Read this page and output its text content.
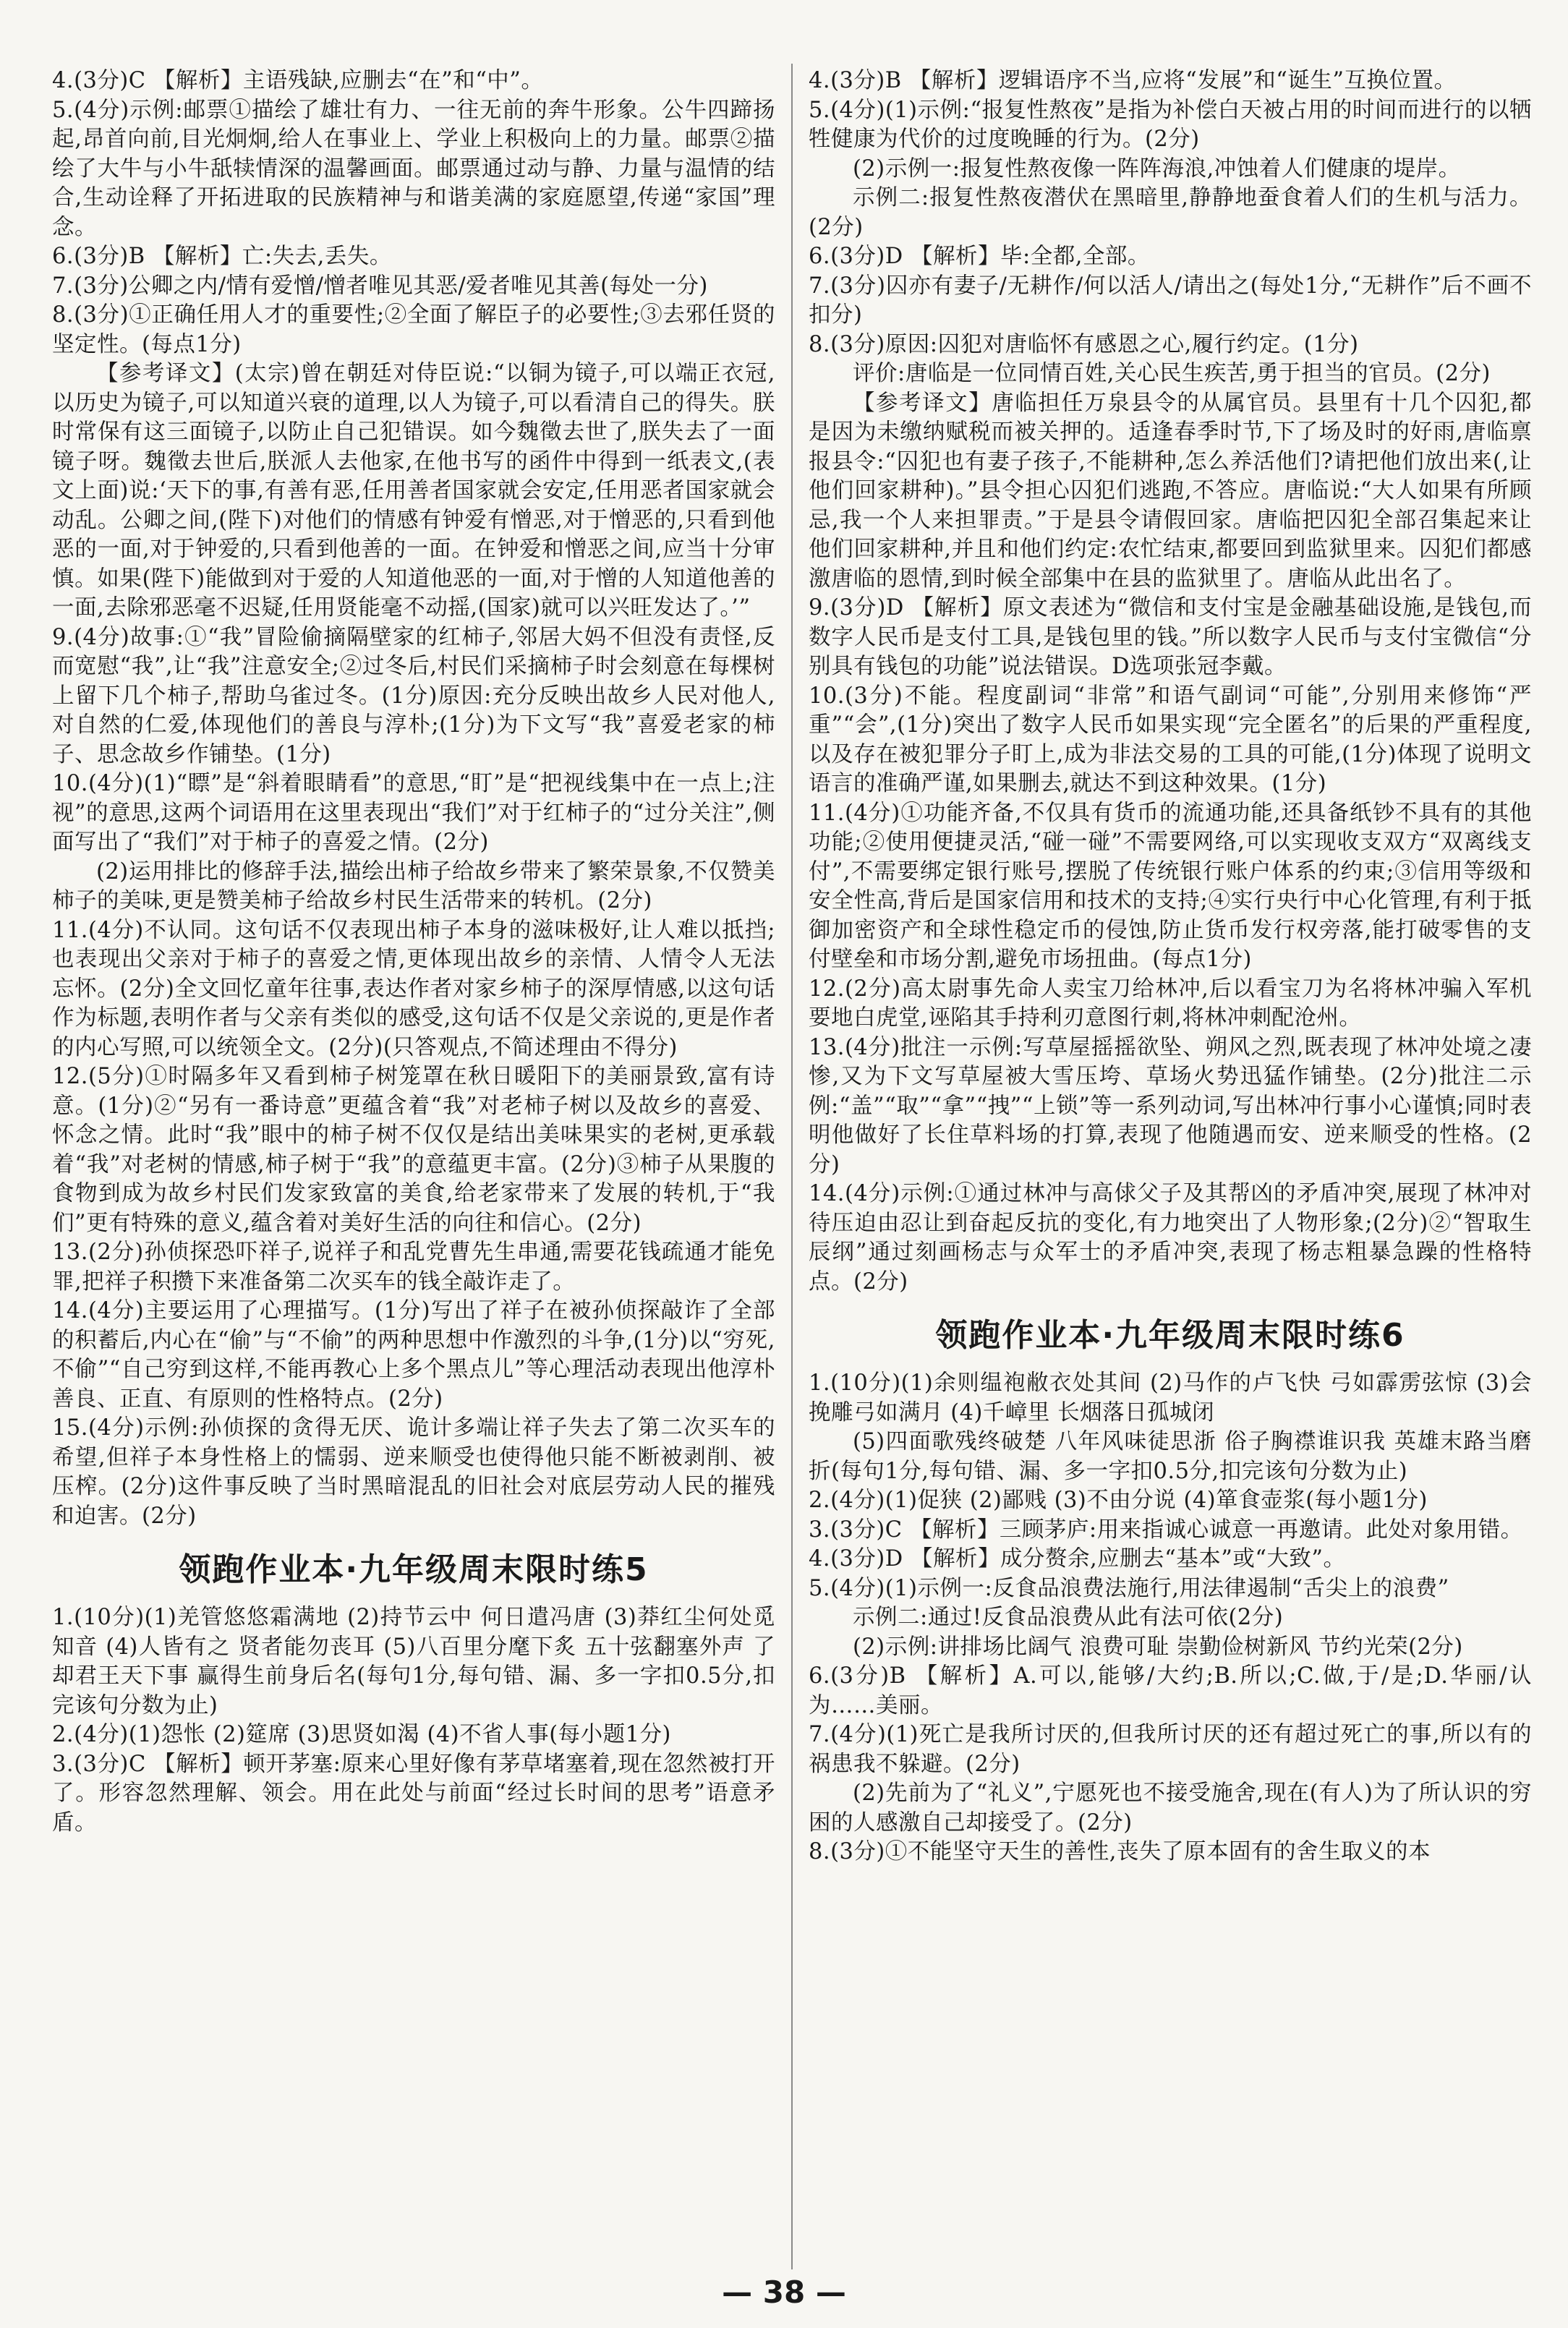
4.(3分)C 【解析】主语残缺,应删去“在”和“中”。
5.(4分)示例:邮票①描绘了雄壮有力、一往无前的奔牛形象。公牛四蹄扬起,昂首向前,目光炯炯,给人在事业上、学业上积极向上的力量。邮票②描绘了大牛与小牛舐犊情深的温馨画面。邮票通过动与静、力量与温情的结合,生动诠释了开拓进取的民族精神与和谐美满的家庭愿望,传递“家国”理念。
6.(3分)B 【解析】亡:失去,丢失。
7.(3分)公卿之内/情有爱憎/憎者唯见其恶/爱者唯见其善(每处一分)
8.(3分)①正确任用人才的重要性;②全面了解臣子的必要性;③去邪任贤的坚定性。(每点1分)
【参考译文】(太宗)曾在朝廷对侍臣说:“以铜为镜子,可以端正衣冠,以历史为镜子,可以知道兴衰的道理,以人为镜子,可以看清自己的得失。朕时常保有这三面镜子,以防止自己犯错误。如今魏徵去世了,朕失去了一面镜子呀。魏徵去世后,朕派人去他家,在他书写的函件中得到一纸表文,(表文上面)说:‘天下的事,有善有恶,任用善者国家就会安定,任用恶者国家就会动乱。公卿之间,(陛下)对他们的情感有钟爱有憎恶,对于憎恶的,只看到他恶的一面,对于钟爱的,只看到他善的一面。在钟爱和憎恶之间,应当十分审慎。如果(陛下)能做到对于爱的人知道他恶的一面,对于憎的人知道他善的一面,去除邪恶毫不迟疑,任用贤能毫不动摇,(国家)就可以兴旺发达了。’”
9.(4分)故事:①“我”冒险偷摘隔壁家的红柿子,邻居大妈不但没有责怪,反而宽慰“我”,让“我”注意安全;②过冬后,村民们采摘柿子时会刻意在每棵树上留下几个柿子,帮助乌雀过冬。(1分)原因:充分反映出故乡人民对他人,对自然的仁爱,体现他们的善良与淳朴;(1分)为下文写“我”喜爱老家的柿子、思念故乡作铺垫。(1分)
10.(4分)(1)“瞟”是“斜着眼睛看”的意思,“盯”是“把视线集中在一点上;注视”的意思,这两个词语用在这里表现出“我们”对于红柿子的“过分关注”,侧面写出了“我们”对于柿子的喜爱之情。(2分)
(2)运用排比的修辞手法,描绘出柿子给故乡带来了繁荣景象,不仅赞美柿子的美味,更是赞美柿子给故乡村民生活带来的转机。(2分)
11.(4分)不认同。这句话不仅表现出柿子本身的滋味极好,让人难以抵挡;也表现出父亲对于柿子的喜爱之情,更体现出故乡的亲情、人情令人无法忘怀。(2分)全文回忆童年往事,表达作者对家乡柿子的深厚情感,以这句话作为标题,表明作者与父亲有类似的感受,这句话不仅是父亲说的,更是作者的内心写照,可以统领全文。(2分)(只答观点,不简述理由不得分)
12.(5分)①时隔多年又看到柿子树笼罩在秋日暖阳下的美丽景致,富有诗意。(1分)②“另有一番诗意”更蕴含着“我”对老柿子树以及故乡的喜爱、怀念之情。此时“我”眼中的柿子树不仅仅是结出美味果实的老树,更承载着“我”对老树的情感,柿子树于“我”的意蕴更丰富。(2分)③柿子从果腹的食物到成为故乡村民们发家致富的美食,给老家带来了发展的转机,于“我们”更有特殊的意义,蕴含着对美好生活的向往和信心。(2分)
13.(2分)孙侦探恐吓祥子,说祥子和乱党曹先生串通,需要花钱疏通才能免罪,把祥子积攒下来准备第二次买车的钱全敲诈走了。
14.(4分)主要运用了心理描写。(1分)写出了祥子在被孙侦探敲诈了全部的积蓄后,内心在“偷”与“不偷”的两种思想中作激烈的斗争,(1分)以“穷死,不偷”“自己穷到这样,不能再教心上多个黑点儿”等心理活动表现出他淳朴善良、正直、有原则的性格特点。(2分)
15.(4分)示例:孙侦探的贪得无厌、诡计多端让祥子失去了第二次买车的希望,但祥子本身性格上的懦弱、逆来顺受也使得他只能不断被剥削、被压榨。(2分)这件事反映了当时黑暗混乱的旧社会对底层劳动人民的摧残和迫害。(2分)
领跑作业本·九年级周末限时练5
1.(10分)(1)羌管悠悠霜满地 (2)持节云中 何日遣冯唐 (3)莽红尘何处觅知音 (4)人皆有之 贤者能勿丧耳 (5)八百里分麾下炙 五十弦翻塞外声 了却君王天下事 赢得生前身后名(每句1分,每句错、漏、多一字扣0.5分,扣完该句分数为止)
2.(4分)(1)怨怅 (2)筵席 (3)思贤如渴 (4)不省人事(每小题1分)
3.(3分)C 【解析】顿开茅塞:原来心里好像有茅草堵塞着,现在忽然被打开了。形容忽然理解、领会。用在此处与前面“经过长时间的思考”语意矛盾。
4.(3分)B 【解析】逻辑语序不当,应将“发展”和“诞生”互换位置。
5.(4分)(1)示例:“报复性熬夜”是指为补偿白天被占用的时间而进行的以牺牲健康为代价的过度晚睡的行为。(2分)
(2)示例一:报复性熬夜像一阵阵海浪,冲蚀着人们健康的堤岸。
示例二:报复性熬夜潜伏在黑暗里,静静地蚕食着人们的生机与活力。(2分)
6.(3分)D 【解析】毕:全都,全部。
7.(3分)囚亦有妻子/无耕作/何以活人/请出之(每处1分,“无耕作”后不画不扣分)
8.(3分)原因:囚犯对唐临怀有感恩之心,履行约定。(1分)
评价:唐临是一位同情百姓,关心民生疾苦,勇于担当的官员。(2分)
【参考译文】唐临担任万泉县令的从属官员。县里有十几个囚犯,都是因为未缴纳赋税而被关押的。适逢春季时节,下了场及时的好雨,唐临禀报县令:“囚犯也有妻子孩子,不能耕种,怎么养活他们?请把他们放出来(,让他们回家耕种)。”县令担心囚犯们逃跑,不答应。唐临说:“大人如果有所顾忌,我一个人来担罪责。”于是县令请假回家。唐临把囚犯全部召集起来让他们回家耕种,并且和他们约定:农忙结束,都要回到监狱里来。囚犯们都感激唐临的恩情,到时候全部集中在县的监狱里了。唐临从此出名了。
9.(3分)D 【解析】原文表述为“微信和支付宝是金融基础设施,是钱包,而数字人民币是支付工具,是钱包里的钱。”所以数字人民币与支付宝微信“分别具有钱包的功能”说法错误。D选项张冠李戴。
10.(3分)不能。程度副词“非常”和语气副词“可能”,分别用来修饰“严重”“会”,(1分)突出了数字人民币如果实现“完全匿名”的后果的严重程度,以及存在被犯罪分子盯上,成为非法交易的工具的可能,(1分)体现了说明文语言的准确严谨,如果删去,就达不到这种效果。(1分)
11.(4分)①功能齐备,不仅具有货币的流通功能,还具备纸钞不具有的其他功能;②使用便捷灵活,“碰一碰”不需要网络,可以实现收支双方“双离线支付”,不需要绑定银行账号,摆脱了传统银行账户体系的约束;③信用等级和安全性高,背后是国家信用和技术的支持;④实行央行中心化管理,有利于抵御加密资产和全球性稳定币的侵蚀,防止货币发行权旁落,能打破零售的支付壁垒和市场分割,避免市场扭曲。(每点1分)
12.(2分)高太尉事先命人卖宝刀给林冲,后以看宝刀为名将林冲骗入军机要地白虎堂,诬陷其手持利刃意图行刺,将林冲刺配沧州。
13.(4分)批注一示例:写草屋摇摇欲坠、朔风之烈,既表现了林冲处境之凄惨,又为下文写草屋被大雪压垮、草场火势迅猛作铺垫。(2分)批注二示例:“盖”“取”“拿”“拽”“上锁”等一系列动词,写出林冲行事小心谨慎;同时表明他做好了长住草料场的打算,表现了他随遇而安、逆来顺受的性格。(2分)
14.(4分)示例:①通过林冲与高俅父子及其帮凶的矛盾冲突,展现了林冲对待压迫由忍让到奋起反抗的变化,有力地突出了人物形象;(2分)②“智取生辰纲”通过刻画杨志与众军士的矛盾冲突,表现了杨志粗暴急躁的性格特点。(2分)
领跑作业本·九年级周末限时练6
1.(10分)(1)余则缊袍敝衣处其间 (2)马作的卢飞快 弓如霹雳弦惊 (3)会挽雕弓如满月 (4)千嶂里 长烟落日孤城闭
(5)四面歌残终破楚 八年风味徒思浙 俗子胸襟谁识我 英雄末路当磨折(每句1分,每句错、漏、多一字扣0.5分,扣完该句分数为止)
2.(4分)(1)促狭 (2)鄙贱 (3)不由分说 (4)箪食壶浆(每小题1分)
3.(3分)C 【解析】三顾茅庐:用来指诚心诚意一再邀请。此处对象用错。
4.(3分)D 【解析】成分赘余,应删去“基本”或“大致”。
5.(4分)(1)示例一:反食品浪费法施行,用法律遏制“舌尖上的浪费”
示例二:通过!反食品浪费从此有法可依(2分)
(2)示例:讲排场比阔气 浪费可耻 崇勤俭树新风 节约光荣(2分)
6.(3分)B 【解析】A.可以,能够/大约;B.所以;C.做,于/是;D.华丽/认为……美丽。
7.(4分)(1)死亡是我所讨厌的,但我所讨厌的还有超过死亡的事,所以有的祸患我不躲避。(2分)
(2)先前为了“礼义”,宁愿死也不接受施舍,现在(有人)为了所认识的穷困的人感激自己却接受了。(2分)
8.(3分)①不能坚守天生的善性,丧失了原本固有的舍生取义的本
— 38 —
